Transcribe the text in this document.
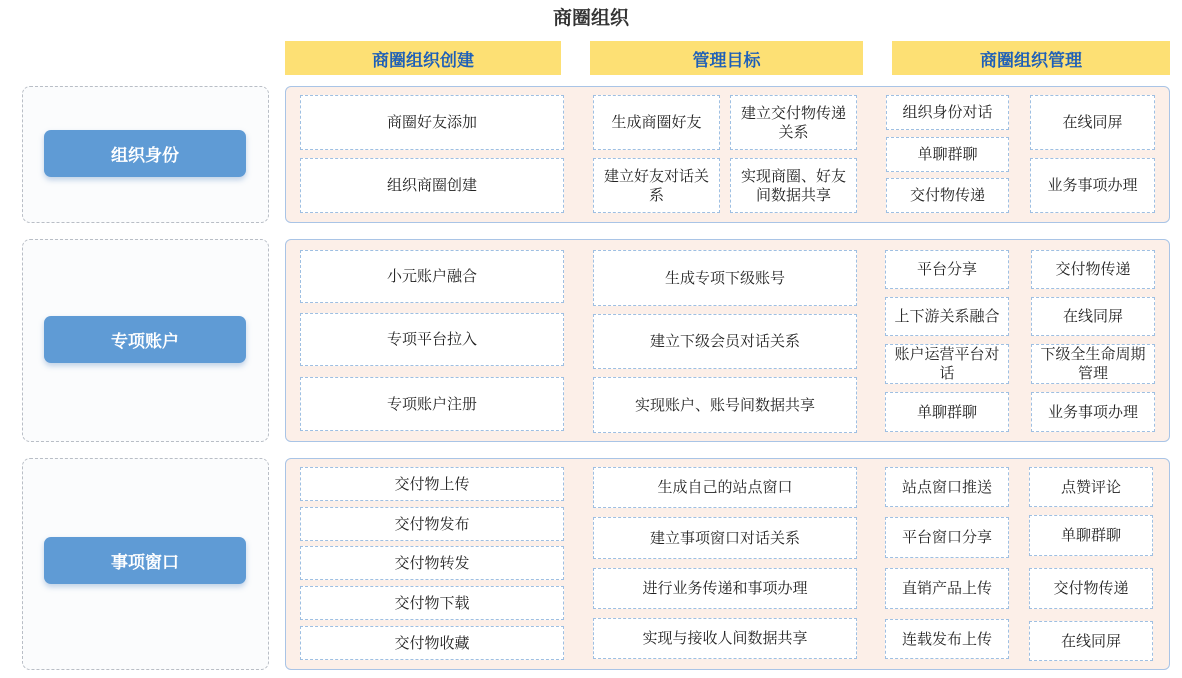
商圈组织
商圈组织创建	管理目标	商圈组织管理
组织身份
商圈好友添加
组织商圈创建
生成商圈好友
建立交付物传递关系
建立好友对话关系
实现商圈、好友间数据共享
组织身份对话
单聊群聊
交付物传递
在线同屏
业务事项办理
专项账户
小元账户融合
专项平台拉入
专项账户注册
生成专项下级账号
建立下级会员对话关系
实现账户、账号间数据共享
平台分享
上下游关系融合
账户运营平台对话
单聊群聊
交付物传递
在线同屏
下级全生命周期管理
业务事项办理
事项窗口
交付物上传
交付物发布
交付物转发
交付物下载
交付物收藏
生成自己的站点窗口
建立事项窗口对话关系
进行业务传递和事项办理
实现与接收人间数据共享
站点窗口推送
平台窗口分享
直销产品上传
连载发布上传
点赞评论
单聊群聊
交付物传递
在线同屏
